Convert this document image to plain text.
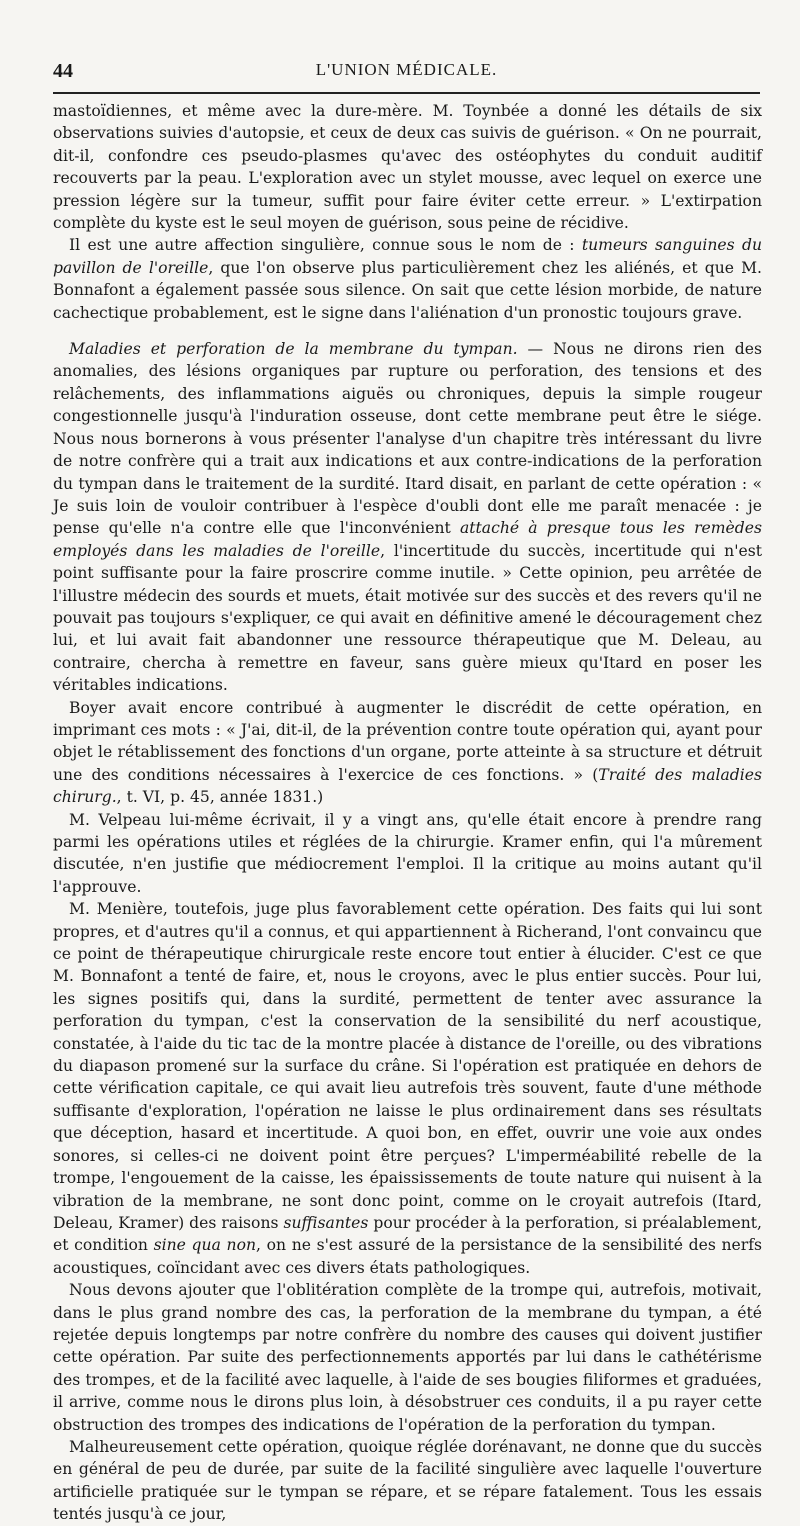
44	L'UNION MÉDICALE.

mastoïdiennes, et même avec la dure-mère. M. Toynbée a donné les détails de six observations suivies d'autopsie, et ceux de deux cas suivis de guérison. « On ne pourrait, dit-il, confondre ces pseudo-plasmes qu'avec des ostéophytes du conduit auditif recouverts par la peau. L'exploration avec un stylet mousse, avec lequel on exerce une pression légère sur la tumeur, suffit pour faire éviter cette erreur. » L'extirpation complète du kyste est le seul moyen de guérison, sous peine de récidive.

Il est une autre affection singulière, connue sous le nom de : tumeurs sanguines du pavillon de l'oreille, que l'on observe plus particulièrement chez les aliénés, et que M. Bonnafont a également passée sous silence. On sait que cette lésion morbide, de nature cachectique probablement, est le signe dans l'aliénation d'un pronostic toujours grave.

Maladies et perforation de la membrane du tympan. — Nous ne dirons rien des anomalies, des lésions organiques par rupture ou perforation, des tensions et des relâchements, des inflammations aiguës ou chroniques, depuis la simple rougeur congestionnelle jusqu'à l'induration osseuse, dont cette membrane peut être le siége. Nous nous bornerons à vous présenter l'analyse d'un chapitre très intéressant du livre de notre confrère qui a trait aux indications et aux contre-indications de la perforation du tympan dans le traitement de la surdité. Itard disait, en parlant de cette opération : « Je suis loin de vouloir contribuer à l'espèce d'oubli dont elle me paraît menacée : je pense qu'elle n'a contre elle que l'inconvénient attaché à presque tous les remèdes employés dans les maladies de l'oreille, l'incertitude du succès, incertitude qui n'est point suffisante pour la faire proscrire comme inutile. » Cette opinion, peu arrêtée de l'illustre médecin des sourds et muets, était motivée sur des succès et des revers qu'il ne pouvait pas toujours s'expliquer, ce qui avait en définitive amené le découragement chez lui, et lui avait fait abandonner une ressource thérapeutique que M. Deleau, au contraire, chercha à remettre en faveur, sans guère mieux qu'Itard en poser les véritables indications.

Boyer avait encore contribué à augmenter le discrédit de cette opération, en imprimant ces mots : « J'ai, dit-il, de la prévention contre toute opération qui, ayant pour objet le rétablissement des fonctions d'un organe, porte atteinte à sa structure et détruit une des conditions nécessaires à l'exercice de ces fonctions. » (Traité des maladies chirurg., t. VI, p. 45, année 1831.)

M. Velpeau lui-même écrivait, il y a vingt ans, qu'elle était encore à prendre rang parmi les opérations utiles et réglées de la chirurgie. Kramer enfin, qui l'a mûrement discutée, n'en justifie que médiocrement l'emploi. Il la critique au moins autant qu'il l'approuve.

M. Menière, toutefois, juge plus favorablement cette opération. Des faits qui lui sont propres, et d'autres qu'il a connus, et qui appartiennent à Richerand, l'ont convaincu que ce point de thérapeutique chirurgicale reste encore tout entier à élucider. C'est ce que M. Bonnafont a tenté de faire, et, nous le croyons, avec le plus entier succès. Pour lui, les signes positifs qui, dans la surdité, permettent de tenter avec assurance la perforation du tympan, c'est la conservation de la sensibilité du nerf acoustique, constatée, à l'aide du tic tac de la montre placée à distance de l'oreille, ou des vibrations du diapason promené sur la surface du crâne. Si l'opération est pratiquée en dehors de cette vérification capitale, ce qui avait lieu autrefois très souvent, faute d'une méthode suffisante d'exploration, l'opération ne laisse le plus ordinairement dans ses résultats que déception, hasard et incertitude. A quoi bon, en effet, ouvrir une voie aux ondes sonores, si celles-ci ne doivent point être perçues? L'imperméabilité rebelle de la trompe, l'engouement de la caisse, les épaississements de toute nature qui nuisent à la vibration de la membrane, ne sont donc point, comme on le croyait autrefois (Itard, Deleau, Kramer) des raisons suffisantes pour procéder à la perforation, si préalablement, et condition sine qua non, on ne s'est assuré de la persistance de la sensibilité des nerfs acoustiques, coïncidant avec ces divers états pathologiques.

Nous devons ajouter que l'oblitération complète de la trompe qui, autrefois, motivait, dans le plus grand nombre des cas, la perforation de la membrane du tympan, a été rejetée depuis longtemps par notre confrère du nombre des causes qui doivent justifier cette opération. Par suite des perfectionnements apportés par lui dans le cathétérisme des trompes, et de la facilité avec laquelle, à l'aide de ses bougies filiformes et graduées, il arrive, comme nous le dirons plus loin, à désobstruer ces conduits, il a pu rayer cette obstruction des trompes des indications de l'opération de la perforation du tympan.

Malheureusement cette opération, quoique réglée dorénavant, ne donne que du succès en général de peu de durée, par suite de la facilité singulière avec laquelle l'ouverture artificielle pratiquée sur le tympan se répare, et se répare fatalement. Tous les essais tentés jusqu'à ce jour,
